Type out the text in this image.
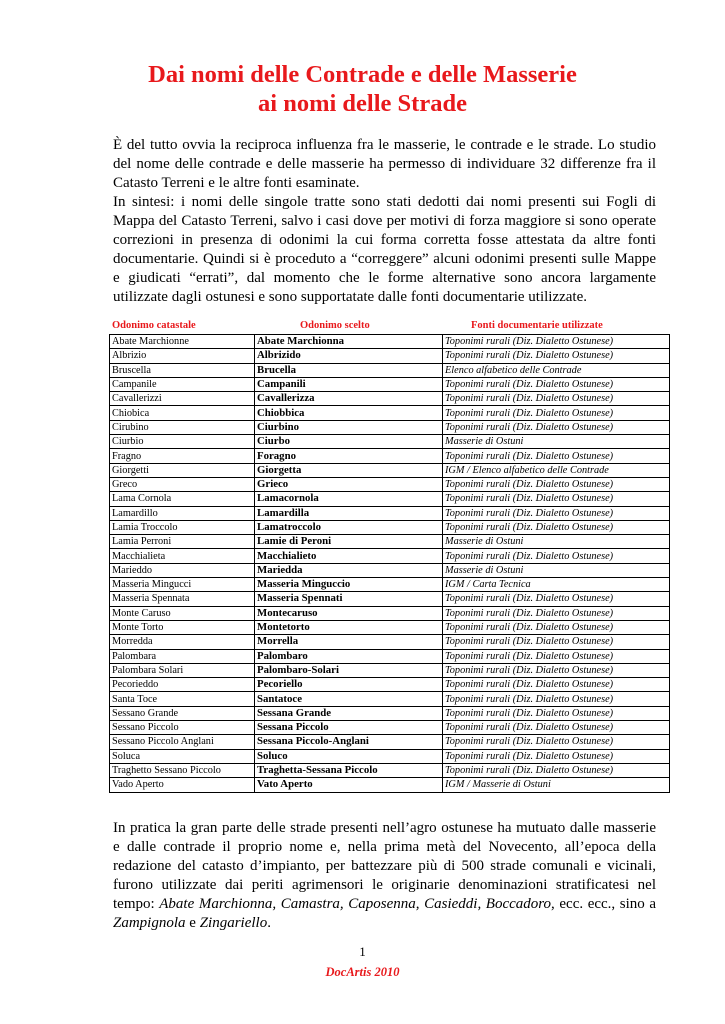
Dai nomi delle Contrade e delle Masserie
ai nomi delle Strade
È del tutto ovvia la reciproca influenza fra le masserie, le contrade e le strade. Lo studio del nome delle contrade e delle masserie ha permesso di individuare 32 differenze fra il Catasto Terreni e le altre fonti esaminate.
In sintesi: i nomi delle singole tratte sono stati dedotti dai nomi presenti sui Fogli di Mappa del Catasto Terreni, salvo i casi dove per motivi di forza maggiore si sono operate correzioni in presenza di odonimi la cui forma corretta fosse attestata da altre fonti documentarie. Quindi si è proceduto a “correggere” alcuni odonimi presenti sulle Mappe e giudicati “errati”, dal momento che le forme alternative sono ancora largamente utilizzate dagli ostunesi e sono supportatate dalle fonti documentarie utilizzate.
Odonimo catastale	Odonimo scelto	Fonti documentarie utilizzate
Abate Marchionne	Abate Marchionna	Toponimi rurali (Diz. Dialetto Ostunese)
Albrizio	Albrizido	Toponimi rurali (Diz. Dialetto Ostunese)
Bruscella	Brucella	Elenco alfabetico delle Contrade
Campanile	Campanili	Toponimi rurali (Diz. Dialetto Ostunese)
Cavallerizzi	Cavallerizza	Toponimi rurali (Diz. Dialetto Ostunese)
Chiobica	Chiobbica	Toponimi rurali (Diz. Dialetto Ostunese)
Cirubino	Ciurbino	Toponimi rurali (Diz. Dialetto Ostunese)
Ciurbio	Ciurbo	Masserie di Ostuni
Fragno	Foragno	Toponimi rurali (Diz. Dialetto Ostunese)
Giorgetti	Giorgetta	IGM / Elenco alfabetico delle Contrade
Greco	Grieco	Toponimi rurali (Diz. Dialetto Ostunese)
Lama Cornola	Lamacornola	Toponimi rurali (Diz. Dialetto Ostunese)
Lamardillo	Lamardilla	Toponimi rurali (Diz. Dialetto Ostunese)
Lamia Troccolo	Lamatroccolo	Toponimi rurali (Diz. Dialetto Ostunese)
Lamia Perroni	Lamie di Peroni	Masserie di Ostuni
Macchialieta	Macchialieto	Toponimi rurali (Diz. Dialetto Ostunese)
Marieddo	Mariedda	Masserie di Ostuni
Masseria Mingucci	Masseria Minguccio	IGM / Carta Tecnica
Masseria Spennata	Masseria Spennati	Toponimi rurali (Diz. Dialetto Ostunese)
Monte Caruso	Montecaruso	Toponimi rurali (Diz. Dialetto Ostunese)
Monte Torto	Montetorto	Toponimi rurali (Diz. Dialetto Ostunese)
Morredda	Morrella	Toponimi rurali (Diz. Dialetto Ostunese)
Palombara	Palombaro	Toponimi rurali (Diz. Dialetto Ostunese)
Palombara Solari	Palombaro-Solari	Toponimi rurali (Diz. Dialetto Ostunese)
Pecorieddo	Pecoriello	Toponimi rurali (Diz. Dialetto Ostunese)
Santa Toce	Santatoce	Toponimi rurali (Diz. Dialetto Ostunese)
Sessano Grande	Sessana Grande	Toponimi rurali (Diz. Dialetto Ostunese)
Sessano Piccolo	Sessana Piccolo	Toponimi rurali (Diz. Dialetto Ostunese)
Sessano Piccolo Anglani	Sessana Piccolo-Anglani	Toponimi rurali (Diz. Dialetto Ostunese)
Soluca	Soluco	Toponimi rurali (Diz. Dialetto Ostunese)
Traghetto Sessano Piccolo	Traghetta-Sessana Piccolo	Toponimi rurali (Diz. Dialetto Ostunese)
Vado Aperto	Vato Aperto	IGM / Masserie di Ostuni
In pratica la gran parte delle strade presenti nell’agro ostunese ha mutuato dalle masserie e dalle contrade il proprio nome e, nella prima metà del Novecento, all’epoca della redazione del catasto d’impianto, per battezzare più di 500 strade comunali e vicinali, furono utilizzate dai periti agrimensori le originarie denominazioni stratificatesi nel tempo: Abate Marchionna, Camastra, Caposenna, Casieddi, Boccadoro, ecc. ecc., sino a Zampignola e Zingariello.
1
DocArtis 2010
